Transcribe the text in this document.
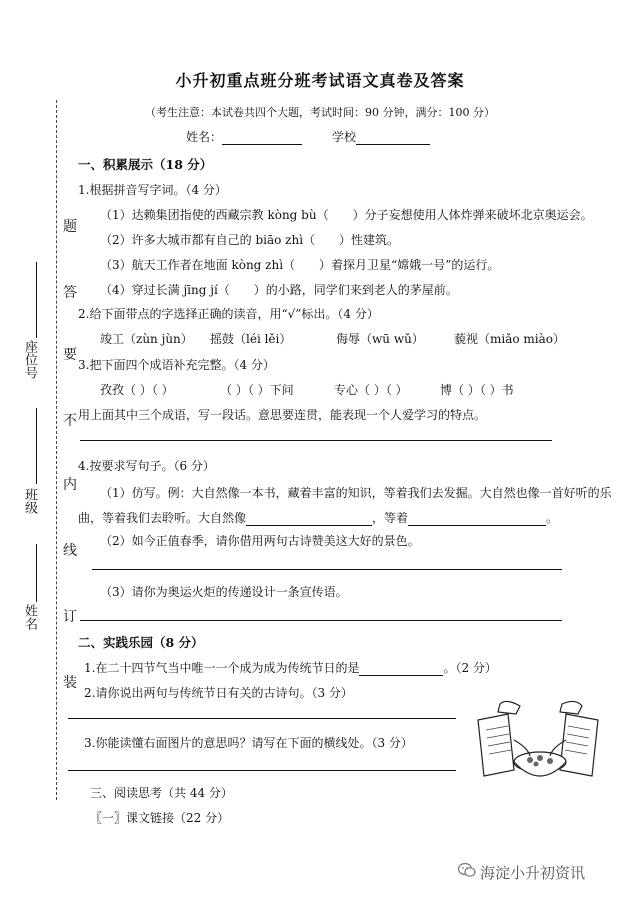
题
答
要
不
内
线
订
装
座位号
班级
姓名
小升初重点班分班考试语文真卷及答案
（考生注意：本试卷共四个大题，考试时间：90 分钟，满分：100 分）
姓名：	学校
一、积累展示（18 分）
1.根据拼音写字词。（4 分）
（1）达赖集团指使的西藏宗教 kòng bù（　　）分子妄想使用人体炸弹来破坏北京奥运会。
（2）许多大城市都有自己的 biāo zhì（　　）性建筑。
（3）航天工作者在地面 kòng zhì（　　）着探月卫星“嫦娥一号”的运行。
（4）穿过长满 jīng jí（　　）的小路，同学们来到老人的茅屋前。
2.给下面带点的字选择正确的读音，用“√”标出。（4 分）
竣工（zùn jùn） 摇鼓（léi lěi）	侮辱（wū wǔ）	藐视（miǎo miào）
3.把下面四个成语补充完整。（4 分）
孜孜（ ）（ ）	（ ）（ ）下问	专心（ ）（ ）	博（ ）（ ）书
用上面其中三个成语，写一段话。意思要连贯，能表现一个人爱学习的特点。
4.按要求写句子。（6 分）
（1）仿写。例：大自然像一本书，藏着丰富的知识，等着我们去发掘。大自然也像一首好听的乐
曲，等着我们去聆听。大自然像	，等着	。
（2）如今正值春季，请你借用两句古诗赞美这大好的景色。
（3）请你为奥运火炬的传递设计一条宣传语。
二、实践乐园（8 分）
1.在二十四节气当中唯一一个成为成为传统节日的是	。（2 分）
2.请你说出两句与传统节日有关的古诗句。（3 分）
3.你能读懂右面图片的意思吗？请写在下面的横线处。（3 分）
三、阅读思考（共 44 分）
〖一〗课文链接（22 分）
海淀小升初资讯
